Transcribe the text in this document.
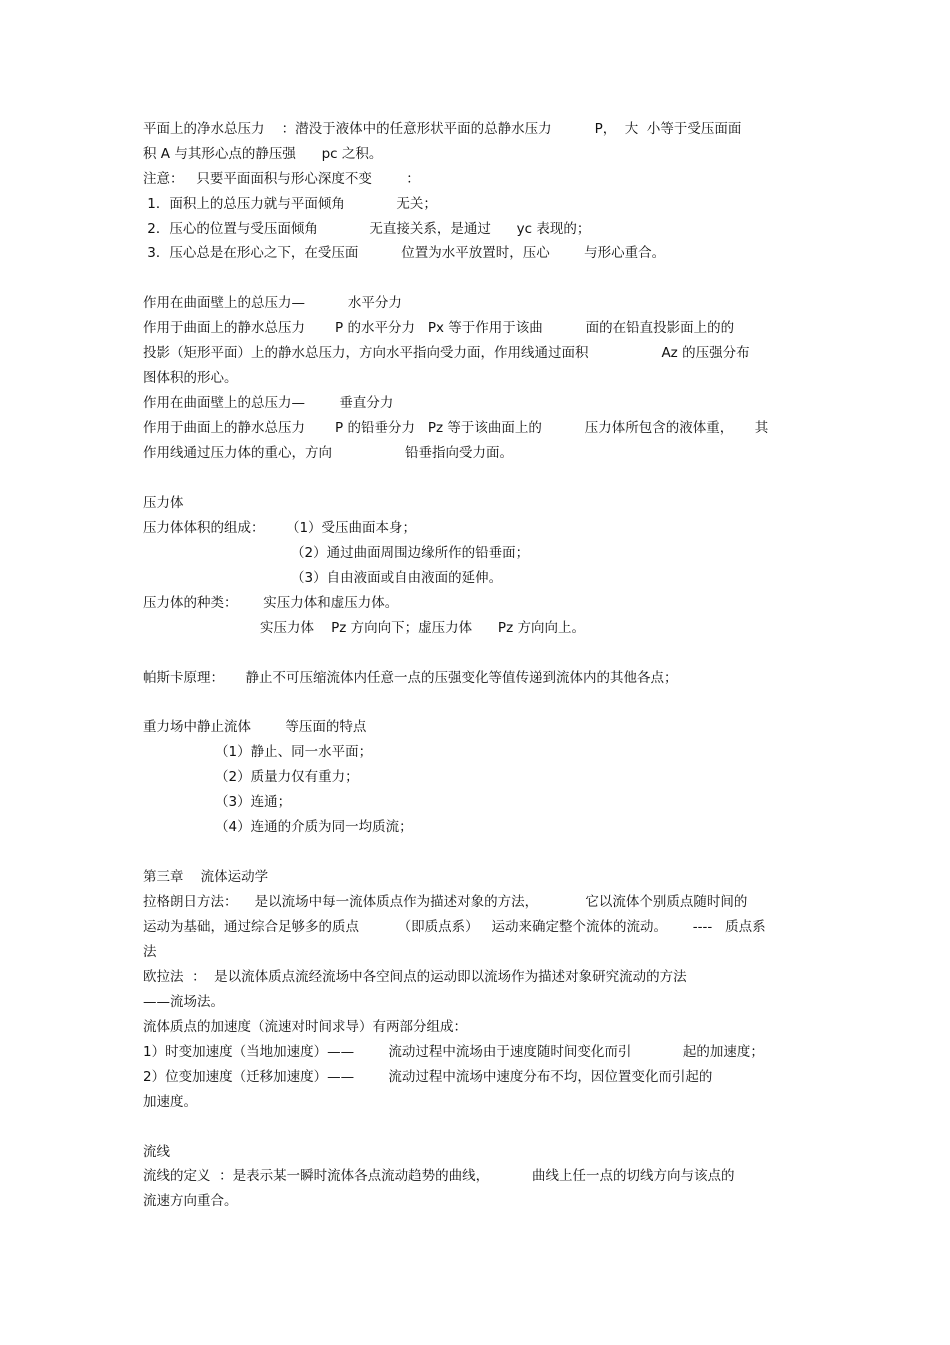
平面上的净水总压力    ：潜没于液体中的任意形状平面的总静水压力          P，  大  小等于受压面面
积 A 与其形心点的静压强      pc 之积。
注意：   只要平面面积与形心深度不变        ：
1．面积上的总压力就与平面倾角            无关；
2．压心的位置与受压面倾角            无直接关系，是通过      yc 表现的；
3．压心总是在形心之下，在受压面          位置为水平放置时，压心        与形心重合。
作用在曲面壁上的总压力—          水平分力
作用于曲面上的静水总压力       P 的水平分力   Px 等于作用于该曲          面的在铅直投影面上的的
投影（矩形平面）上的静水总压力，方向水平指向受力面，作用线通过面积                 Az 的压强分布
图体积的形心。
作用在曲面壁上的总压力—        垂直分力
作用于曲面上的静水总压力       P 的铅垂分力   Pz 等于该曲面上的          压力体所包含的液体重，     其
作用线通过压力体的重心，方向                 铅垂指向受力面。
压力体
压力体体积的组成：     （1）受压曲面本身；
（2）通过曲面周围边缘所作的铅垂面；
（3）自由液面或自由液面的延伸。
压力体的种类：      实压力体和虚压力体。
实压力体    Pz 方向向下；虚压力体      Pz 方向向上。
帕斯卡原理：     静止不可压缩流体内任意一点的压强变化等值传递到流体内的其他各点；
重力场中静止流体        等压面的特点
（1）静止、同一水平面；
（2）质量力仅有重力；
（3）连通；
（4）连通的介质为同一均质流；
第三章    流体运动学
拉格朗日方法：    是以流场中每一流体质点作为描述对象的方法，           它以流体个别质点随时间的
运动为基础，通过综合足够多的质点         （即质点系）   运动来确定整个流体的流动。      ----   质点系
法
欧拉法  ：  是以流体质点流经流场中各空间点的运动即以流场作为描述对象研究流动的方法
——流场法。
流体质点的加速度（流速对时间求导）有两部分组成：
1）时变加速度（当地加速度）——        流动过程中流场由于速度随时间变化而引            起的加速度；
2）位变加速度（迁移加速度）——        流动过程中流场中速度分布不均，因位置变化而引起的
加速度。
流线
流线的定义  ：是表示某一瞬时流体各点流动趋势的曲线，          曲线上任一点的切线方向与该点的
流速方向重合。
